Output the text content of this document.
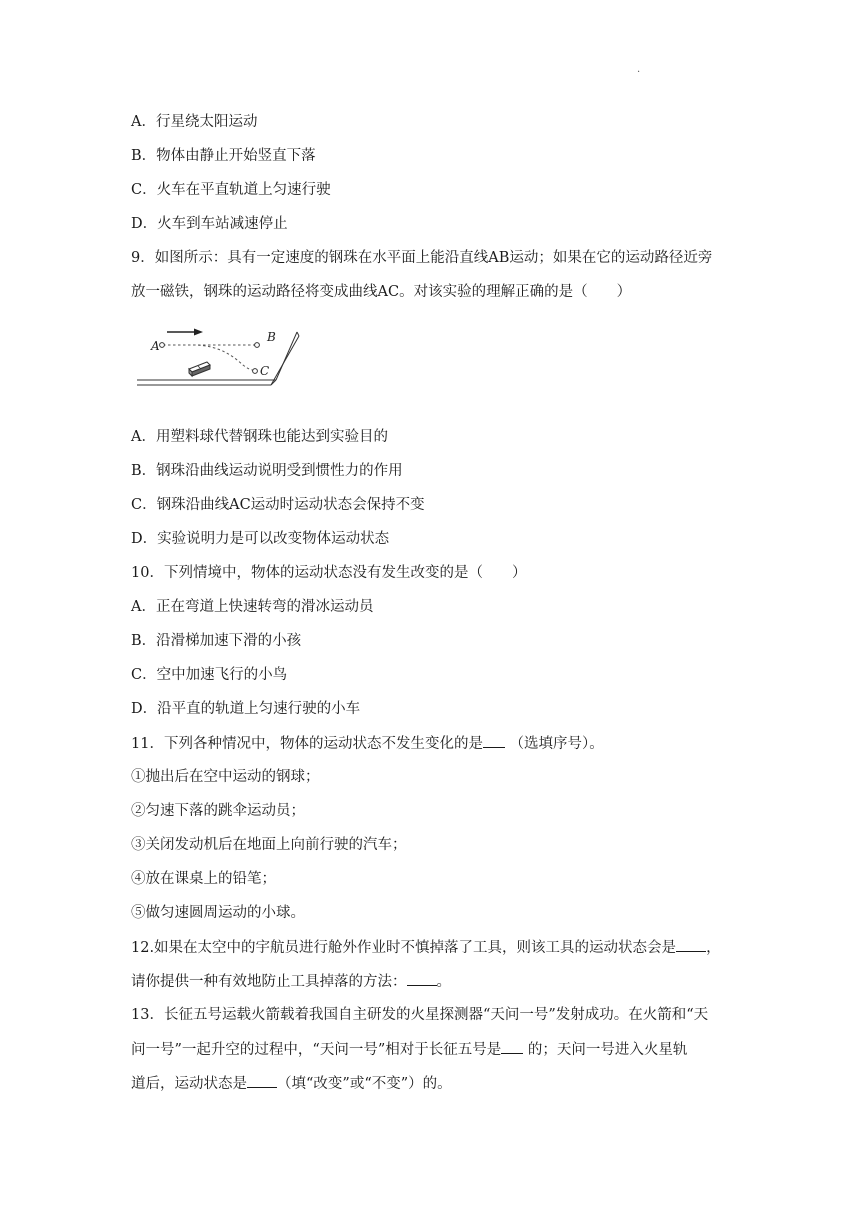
.
A．行星绕太阳运动
B．物体由静止开始竖直下落
C．火车在平直轨道上匀速行驶
D．火车到车站减速停止
9．如图所示：具有一定速度的钢珠在水平面上能沿直线AB运动；如果在它的运动路径近旁
放一磁铁，钢珠的运动路径将变成曲线AC。对该实验的理解正确的是（　　）
A
B
C
A．用塑料球代替钢珠也能达到实验目的
B．钢珠沿曲线运动说明受到惯性力的作用
C．钢珠沿曲线AC运动时运动状态会保持不变
D．实验说明力是可以改变物体运动状态
10．下列情境中，物体的运动状态没有发生改变的是（　　）
A．正在弯道上快速转弯的滑冰运动员
B．沿滑梯加速下滑的小孩
C．空中加速飞行的小鸟
D．沿平直的轨道上匀速行驶的小车
11．下列各种情况中，物体的运动状态不发生变化的是 （选填序号）。
①抛出后在空中运动的钢球；
②匀速下落的跳伞运动员；
③关闭发动机后在地面上向前行驶的汽车；
④放在课桌上的铅笔；
⑤做匀速圆周运动的小球。
12.如果在太空中的宇航员进行舱外作业时不慎掉落了工具，则该工具的运动状态会是 ，
请你提供一种有效地防止工具掉落的方法： 。
13．长征五号运载火箭载着我国自主研发的火星探测器“天问一号”发射成功。在火箭和“天
问一号”一起升空的过程中，“天问一号”相对于长征五号是 的；天问一号进入火星轨
道后，运动状态是 （填“改变”或“不变”）的。
